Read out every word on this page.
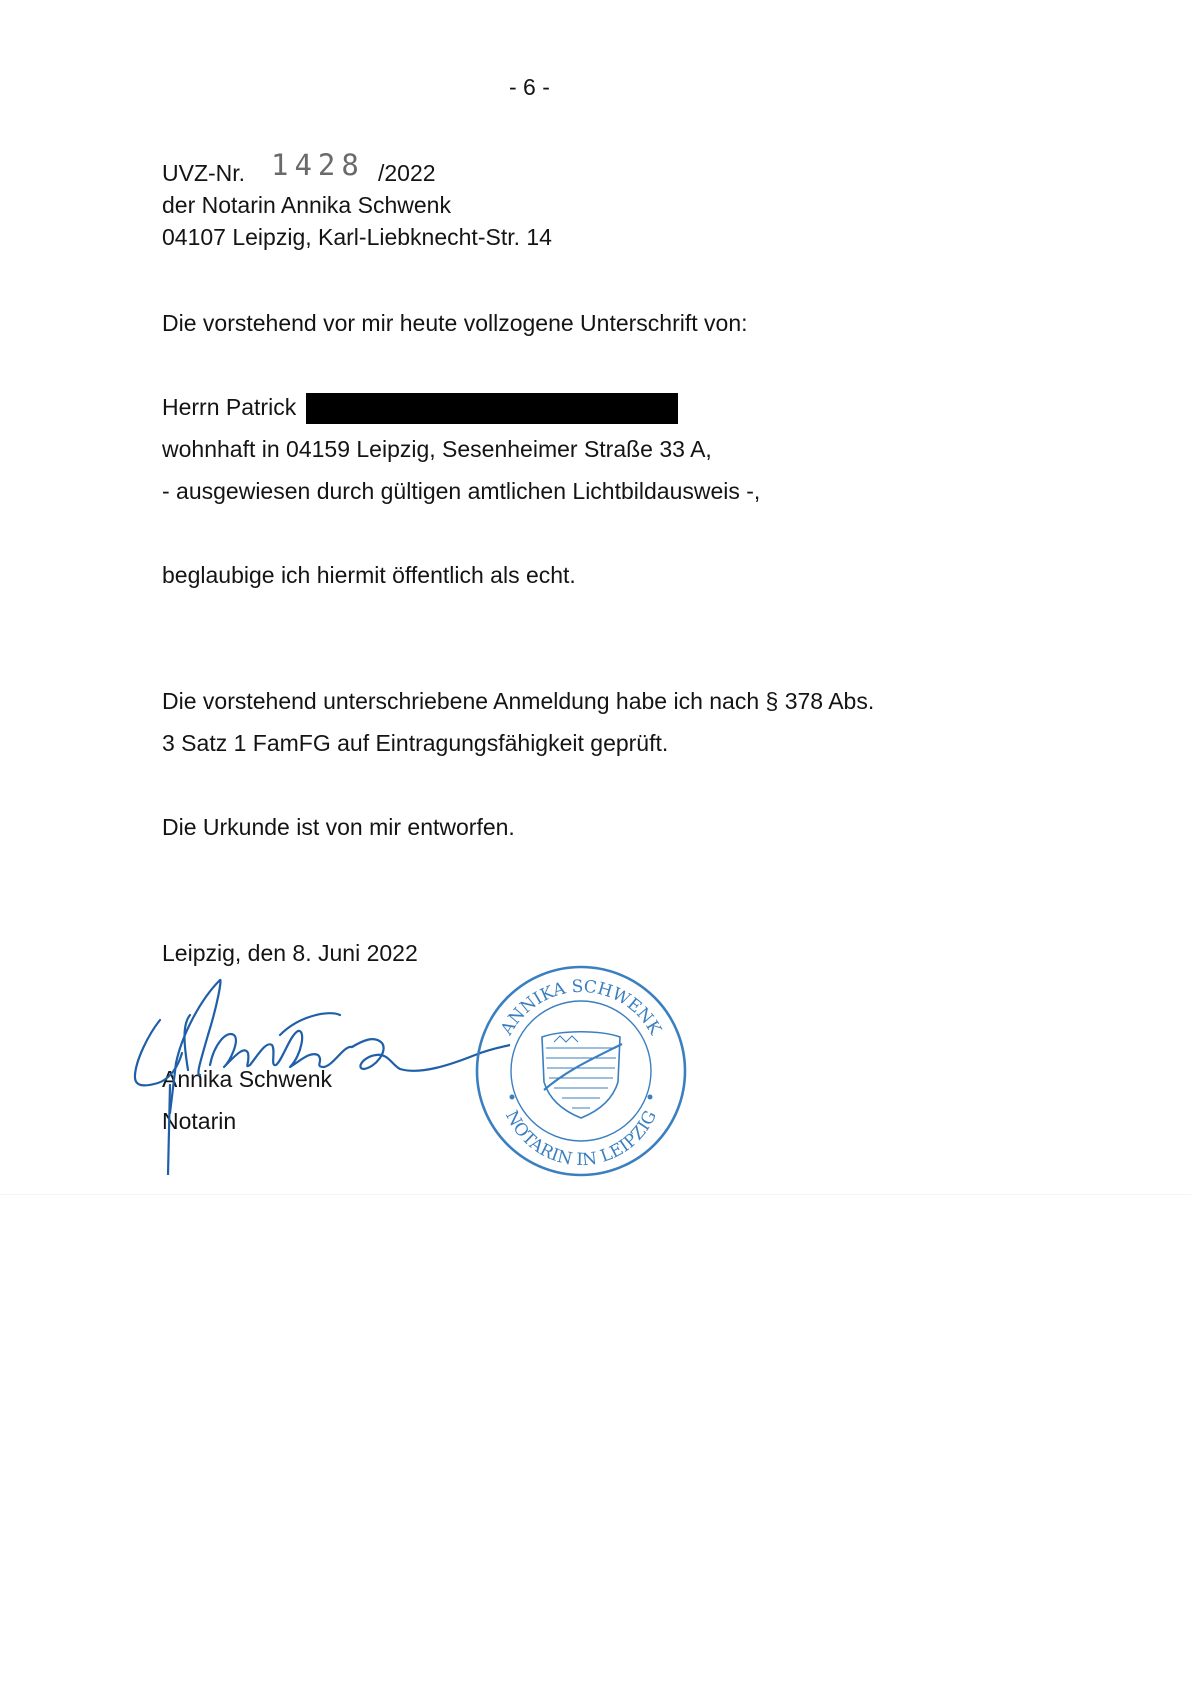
- 6 -
UVZ-Nr. 1428 /2022
der Notarin Annika Schwenk
04107 Leipzig, Karl-Liebknecht-Str. 14
Die vorstehend vor mir heute vollzogene Unterschrift von:
Herrn Patrick
wohnhaft in 04159 Leipzig, Sesenheimer Straße 33 A,
- ausgewiesen durch gültigen amtlichen Lichtbildausweis -,
beglaubige ich hiermit öffentlich als echt.
Die vorstehend unterschriebene Anmeldung habe ich nach § 378 Abs.
3 Satz 1 FamFG auf Eintragungsfähigkeit geprüft.
Die Urkunde ist von mir entworfen.
Leipzig, den 8. Juni 2022
Annika Schwenk
Notarin
ANNIKA SCHWENK
NOTARIN IN LEIPZIG
